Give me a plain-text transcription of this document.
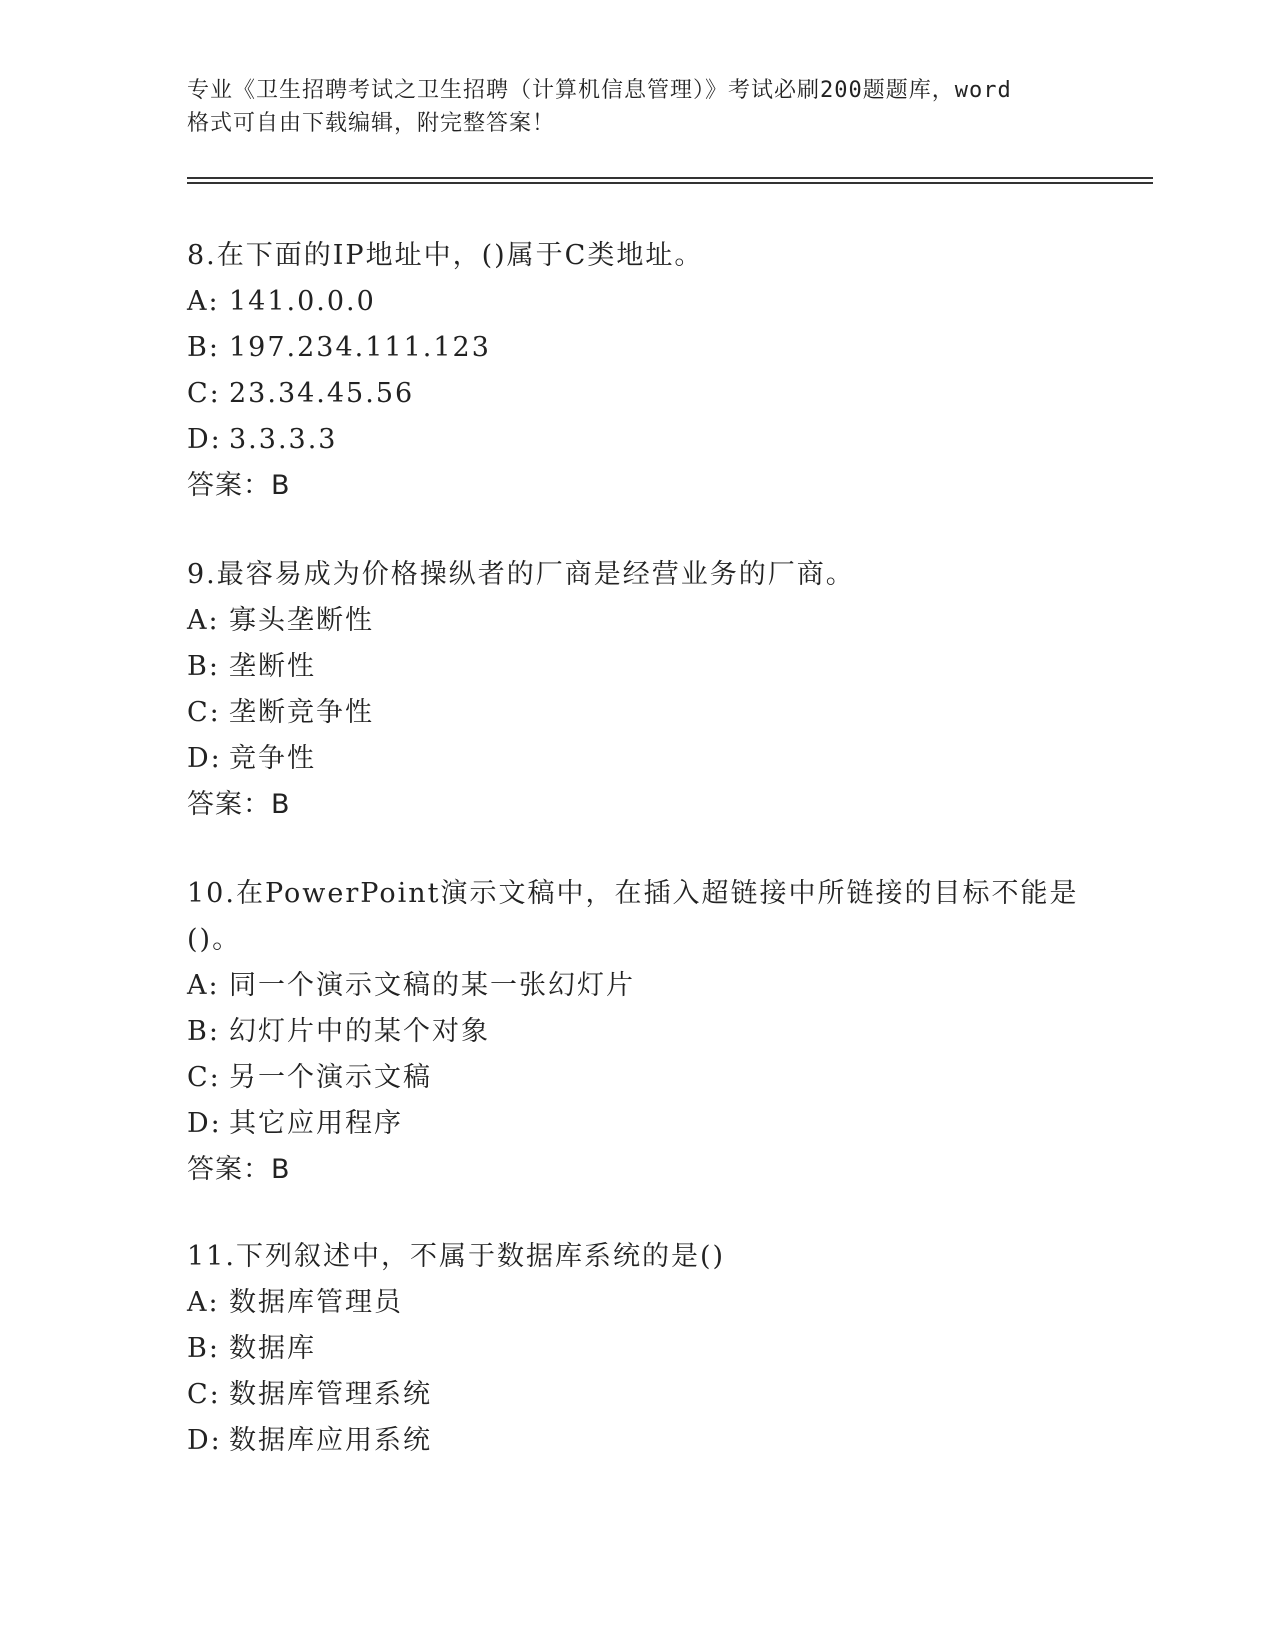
专业《卫生招聘考试之卫生招聘（计算机信息管理）》考试必刷200题题库，word
格式可自由下载编辑，附完整答案！
8.在下面的IP地址中，()属于C类地址。
A: 141.0.0.0
B: 197.234.111.123
C: 23.34.45.56
D: 3.3.3.3
答案：B
9.最容易成为价格操纵者的厂商是经营业务的厂商。
A: 寡头垄断性
B: 垄断性
C: 垄断竞争性
D: 竞争性
答案：B
10.在PowerPoint演示文稿中，在插入超链接中所链接的目标不能是
()。
A: 同一个演示文稿的某一张幻灯片
B: 幻灯片中的某个对象
C: 另一个演示文稿
D: 其它应用程序
答案：B
11.下列叙述中，不属于数据库系统的是()
A: 数据库管理员
B: 数据库
C: 数据库管理系统
D: 数据库应用系统
